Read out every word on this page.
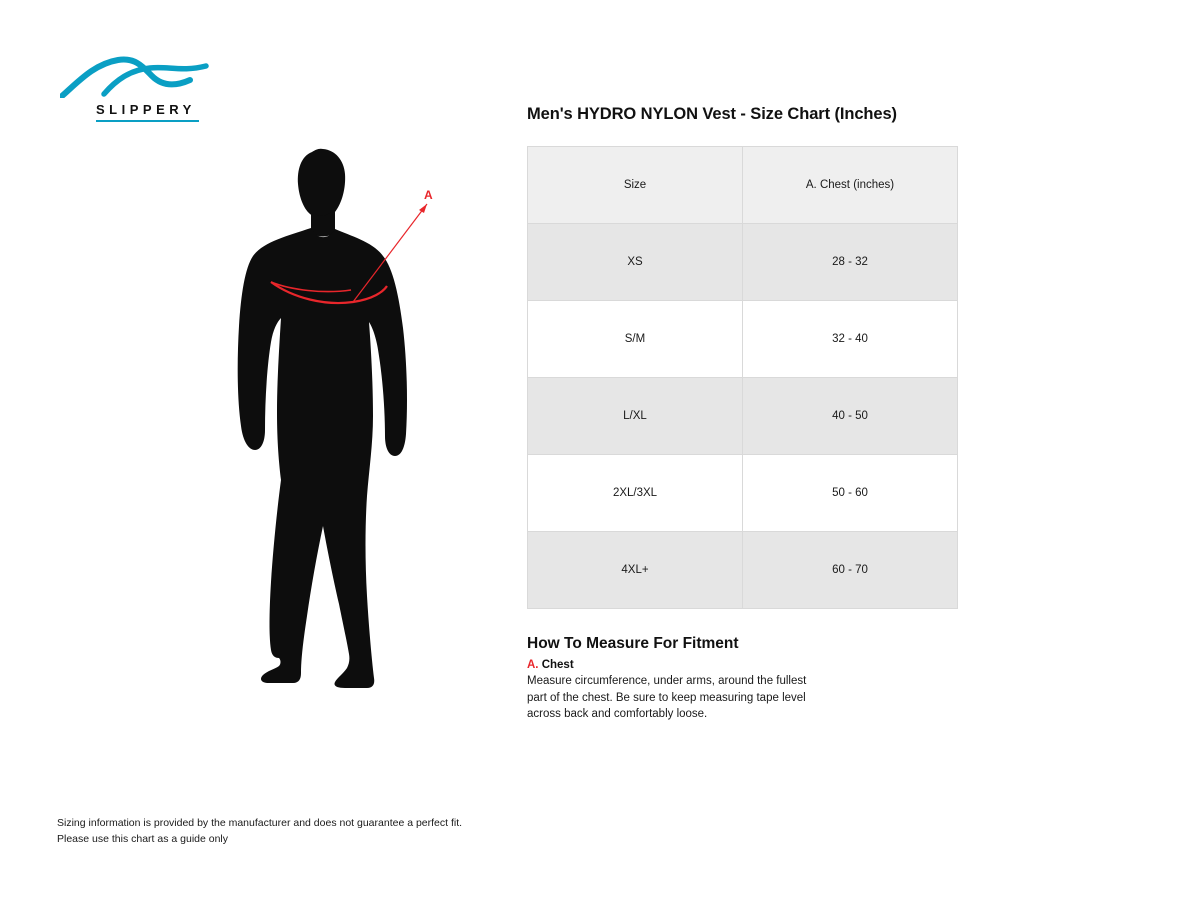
SLIPPERY
A
Men's HYDRO NYLON Vest - Size Chart (Inches)
Size	A. Chest (inches)
XS	28 - 32
S/M	32 - 40
L/XL	40 - 50
2XL/3XL	50 - 60
4XL+	60 - 70
How To Measure For Fitment
A. Chest
Measure circumference, under arms, around the fullest part of the chest. Be sure to keep measuring tape level across back and comfortably loose.
Sizing information is provided by the manufacturer and does not guarantee a perfect fit.
Please use this chart as a guide only
